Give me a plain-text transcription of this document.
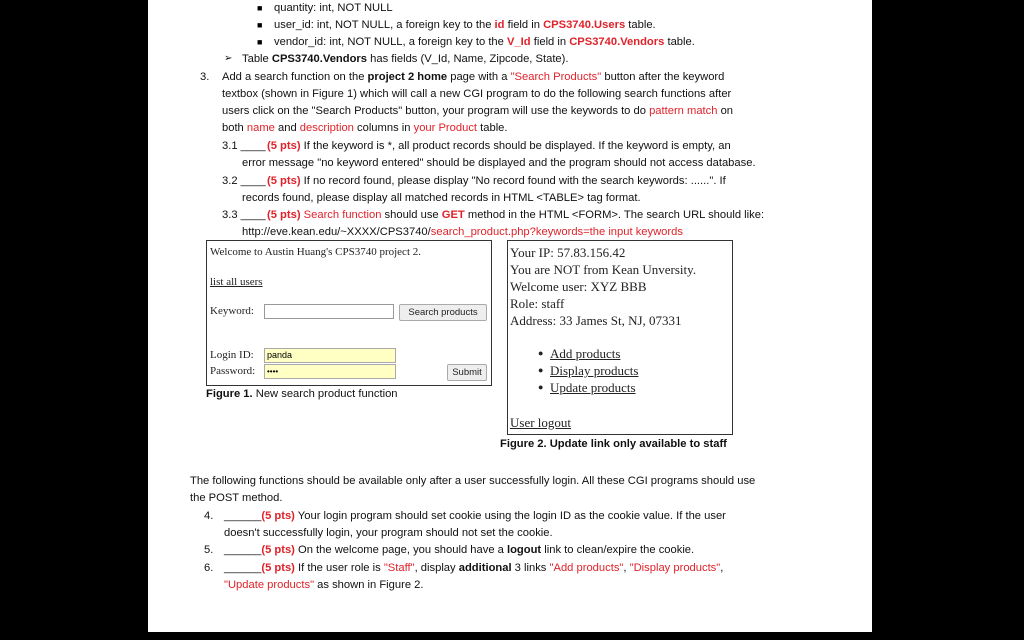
■ quantity: int, NOT NULL
■ user_id: int, NOT NULL, a foreign key to the id field in CPS3740.Users table.
■ vendor_id: int, NOT NULL, a foreign key to the V_Id field in CPS3740.Vendors table.
➢ Table CPS3740.Vendors has fields (V_Id, Name, Zipcode, State).
3. Add a search function on the project 2 home page with a "Search Products" button after the keyword
textbox (shown in Figure 1) which will call a new CGI program to do the following search functions after
users click on the "Search Products" button, your program will use the keywords to do pattern match on
both name and description columns in your Product table.
3.1 ____ (5 pts) If the keyword is *, all product records should be displayed. If the keyword is empty, an
error message "no keyword entered" should be displayed and the program should not access database.
3.2 ____ (5 pts) If no record found, please display "No record found with the search keywords: ......". If
records found, please display all matched records in HTML <TABLE> tag format.
3.3 ____ (5 pts) Search function should use GET method in the HTML <FORM>. The search URL should like:
http://eve.kean.edu/~XXXX/CPS3740/search_product.php?keywords=the input keywords
Welcome to Austin Huang's CPS3740 project 2.
list all users
Keyword:	Search products
Login ID:	panda
Password:	••••	Submit
Figure 1. New search product function
Your IP: 57.83.156.42
You are NOT from Kean Unversity.
Welcome user: XYZ BBB
Role: staff
Address: 33 James St, NJ, 07331
● Add products
● Display products
● Update products
User logout
Figure 2. Update link only available to staff
The following functions should be available only after a user successfully login. All these CGI programs should use
the POST method.
4. ______(5 pts) Your login program should set cookie using the login ID as the cookie value. If the user
doesn't successfully login, your program should not set the cookie.
5. ______(5 pts) On the welcome page, you should have a logout link to clean/expire the cookie.
6. ______(5 pts) If the user role is "Staff", display additional 3 links "Add products", "Display products",
"Update products" as shown in Figure 2.
